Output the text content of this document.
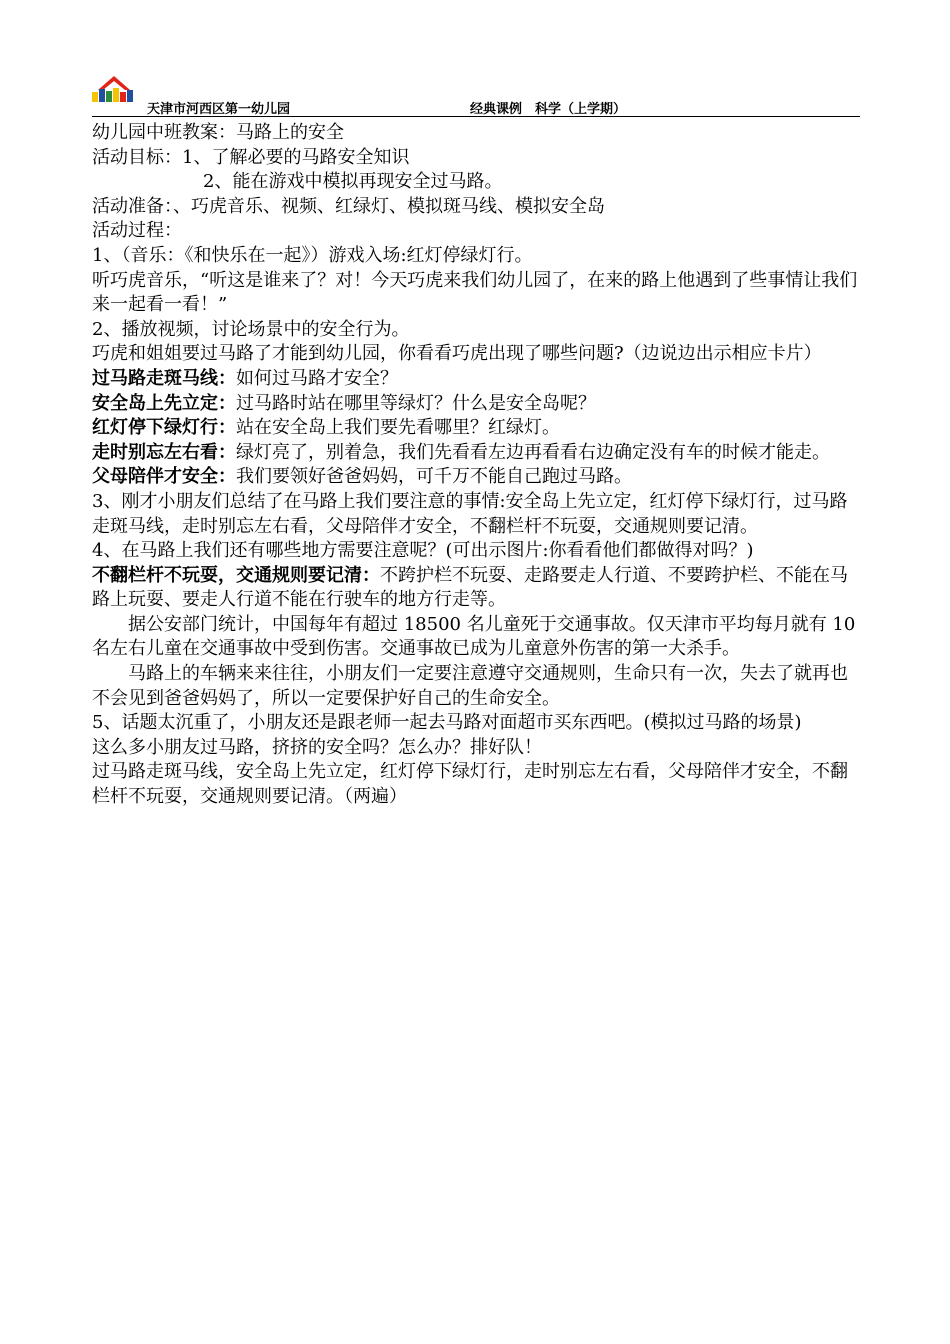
天津市河西区第一幼儿园	经典课例　科学（上学期）

幼儿园中班教案：马路上的安全

活动目标：1、了解必要的马路安全知识

2、能在游戏中模拟再现安全过马路。

活动准备：、巧虎音乐、视频、红绿灯、模拟斑马线、模拟安全岛

活动过程：

1、（音乐：《和快乐在一起》）游戏入场:红灯停绿灯行。

听巧虎音乐，“听这是谁来了？对！今天巧虎来我们幼儿园了，在来的路上他遇到了些事情让我们来一起看一看！”

2、播放视频，讨论场景中的安全行为。

巧虎和姐姐要过马路了才能到幼儿园，你看看巧虎出现了哪些问题?（边说边出示相应卡片）

过马路走斑马线：如何过马路才安全？

安全岛上先立定：过马路时站在哪里等绿灯？什么是安全岛呢？

红灯停下绿灯行：站在安全岛上我们要先看哪里？红绿灯。

走时别忘左右看：绿灯亮了，别着急，我们先看看左边再看看右边确定没有车的时候才能走。

父母陪伴才安全：我们要领好爸爸妈妈，可千万不能自己跑过马路。

3、刚才小朋友们总结了在马路上我们要注意的事情:安全岛上先立定，红灯停下绿灯行，过马路走斑马线，走时别忘左右看，父母陪伴才安全，不翻栏杆不玩耍，交通规则要记清。

4、在马路上我们还有哪些地方需要注意呢？(可出示图片:你看看他们都做得对吗？)

不翻栏杆不玩耍，交通规则要记清：不跨护栏不玩耍、走路要走人行道、不要跨护栏、不能在马路上玩耍、要走人行道不能在行驶车的地方行走等。

据公安部门统计，中国每年有超过 18500 名儿童死于交通事故。仅天津市平均每月就有 10 名左右儿童在交通事故中受到伤害。交通事故已成为儿童意外伤害的第一大杀手。

马路上的车辆来来往往，小朋友们一定要注意遵守交通规则，生命只有一次，失去了就再也不会见到爸爸妈妈了，所以一定要保护好自己的生命安全。

5、话题太沉重了，小朋友还是跟老师一起去马路对面超市买东西吧。(模拟过马路的场景)

这么多小朋友过马路，挤挤的安全吗？怎么办？排好队！

过马路走斑马线，安全岛上先立定，红灯停下绿灯行，走时别忘左右看，父母陪伴才安全，不翻栏杆不玩耍，交通规则要记清。（两遍）
